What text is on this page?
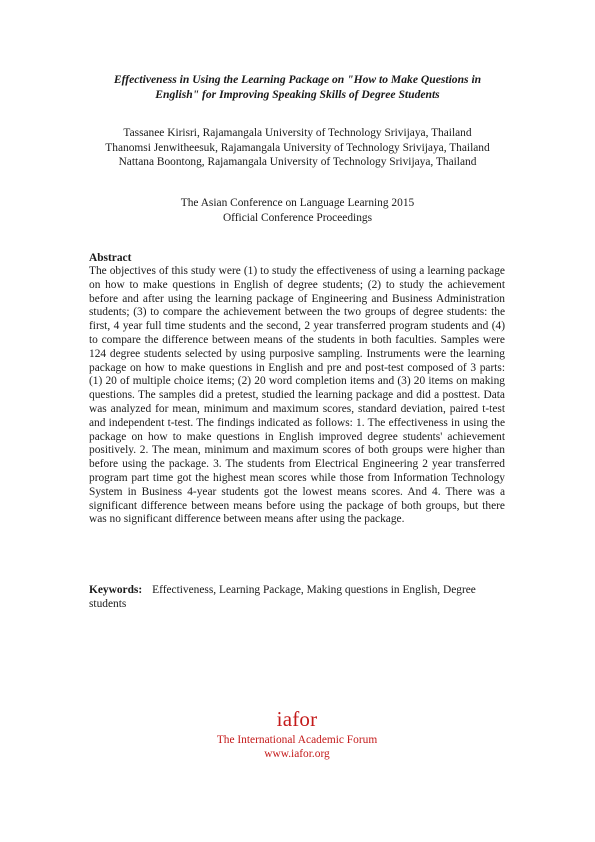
Effectiveness in Using the Learning Package on "How to Make Questions in
English" for Improving Speaking Skills of Degree Students
Tassanee Kirisri, Rajamangala University of Technology Srivijaya, Thailand
Thanomsi Jenwitheesuk, Rajamangala University of Technology Srivijaya, Thailand
Nattana Boontong, Rajamangala University of Technology Srivijaya, Thailand
The Asian Conference on Language Learning 2015
Official Conference Proceedings
Abstract
The objectives of this study were (1) to study the effectiveness of using a learning package on how to make questions in English of degree students; (2) to study the achievement before and after using the learning package of Engineering and Business Administration students; (3) to compare the achievement between the two groups of degree students: the first, 4 year full time students and the second, 2 year transferred program students and (4) to compare the difference between means of the students in both faculties. Samples were 124 degree students selected by using purposive sampling. Instruments were the learning package on how to make questions in English and pre and post-test composed of 3 parts: (1) 20 of multiple choice items; (2) 20 word completion items and (3) 20 items on making questions. The samples did a pretest, studied the learning package and did a posttest. Data was analyzed for mean, minimum and maximum scores, standard deviation, paired t-test and independent t-test. The findings indicated as follows: 1. The effectiveness in using the package on how to make questions in English improved degree students' achievement positively. 2. The mean, minimum and maximum scores of both groups were higher than before using the package. 3. The students from Electrical Engineering 2 year transferred program part time got the highest mean scores while those from Information Technology System in Business 4-year students got the lowest means scores. And 4. There was a significant difference between means before using the package of both groups, but there was no significant difference between means after using the package.
Keywords: Effectiveness, Learning Package, Making questions in English, Degree students
iafor
The International Academic Forum
www.iafor.org
